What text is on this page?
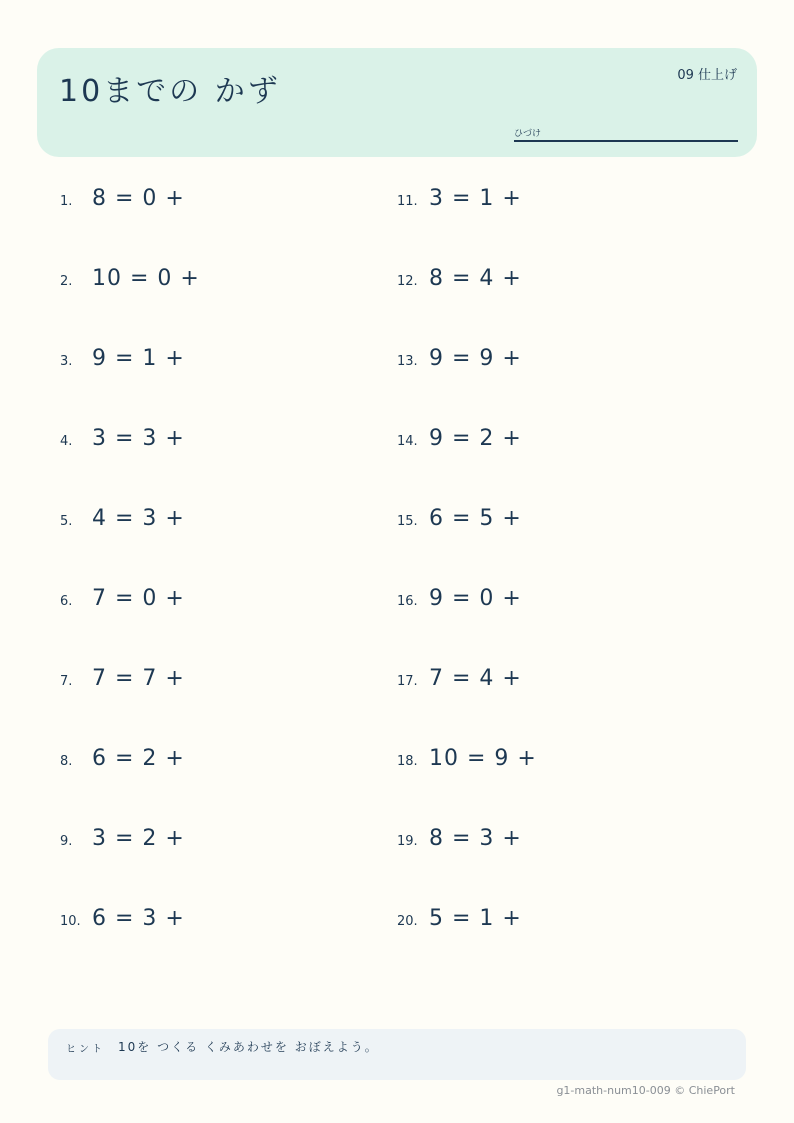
10までの かず	09 仕上げ
ひづけ
1. 8 = 0 +
2. 10 = 0 +
3. 9 = 1 +
4. 3 = 3 +
5. 4 = 3 +
6. 7 = 0 +
7. 7 = 7 +
8. 6 = 2 +
9. 3 = 2 +
10. 6 = 3 +
11. 3 = 1 +
12. 8 = 4 +
13. 9 = 9 +
14. 9 = 2 +
15. 6 = 5 +
16. 9 = 0 +
17. 7 = 4 +
18. 10 = 9 +
19. 8 = 3 +
20. 5 = 1 +
ヒント 10を つくる くみあわせを おぼえよう。
g1-math-num10-009 © ChiePort
